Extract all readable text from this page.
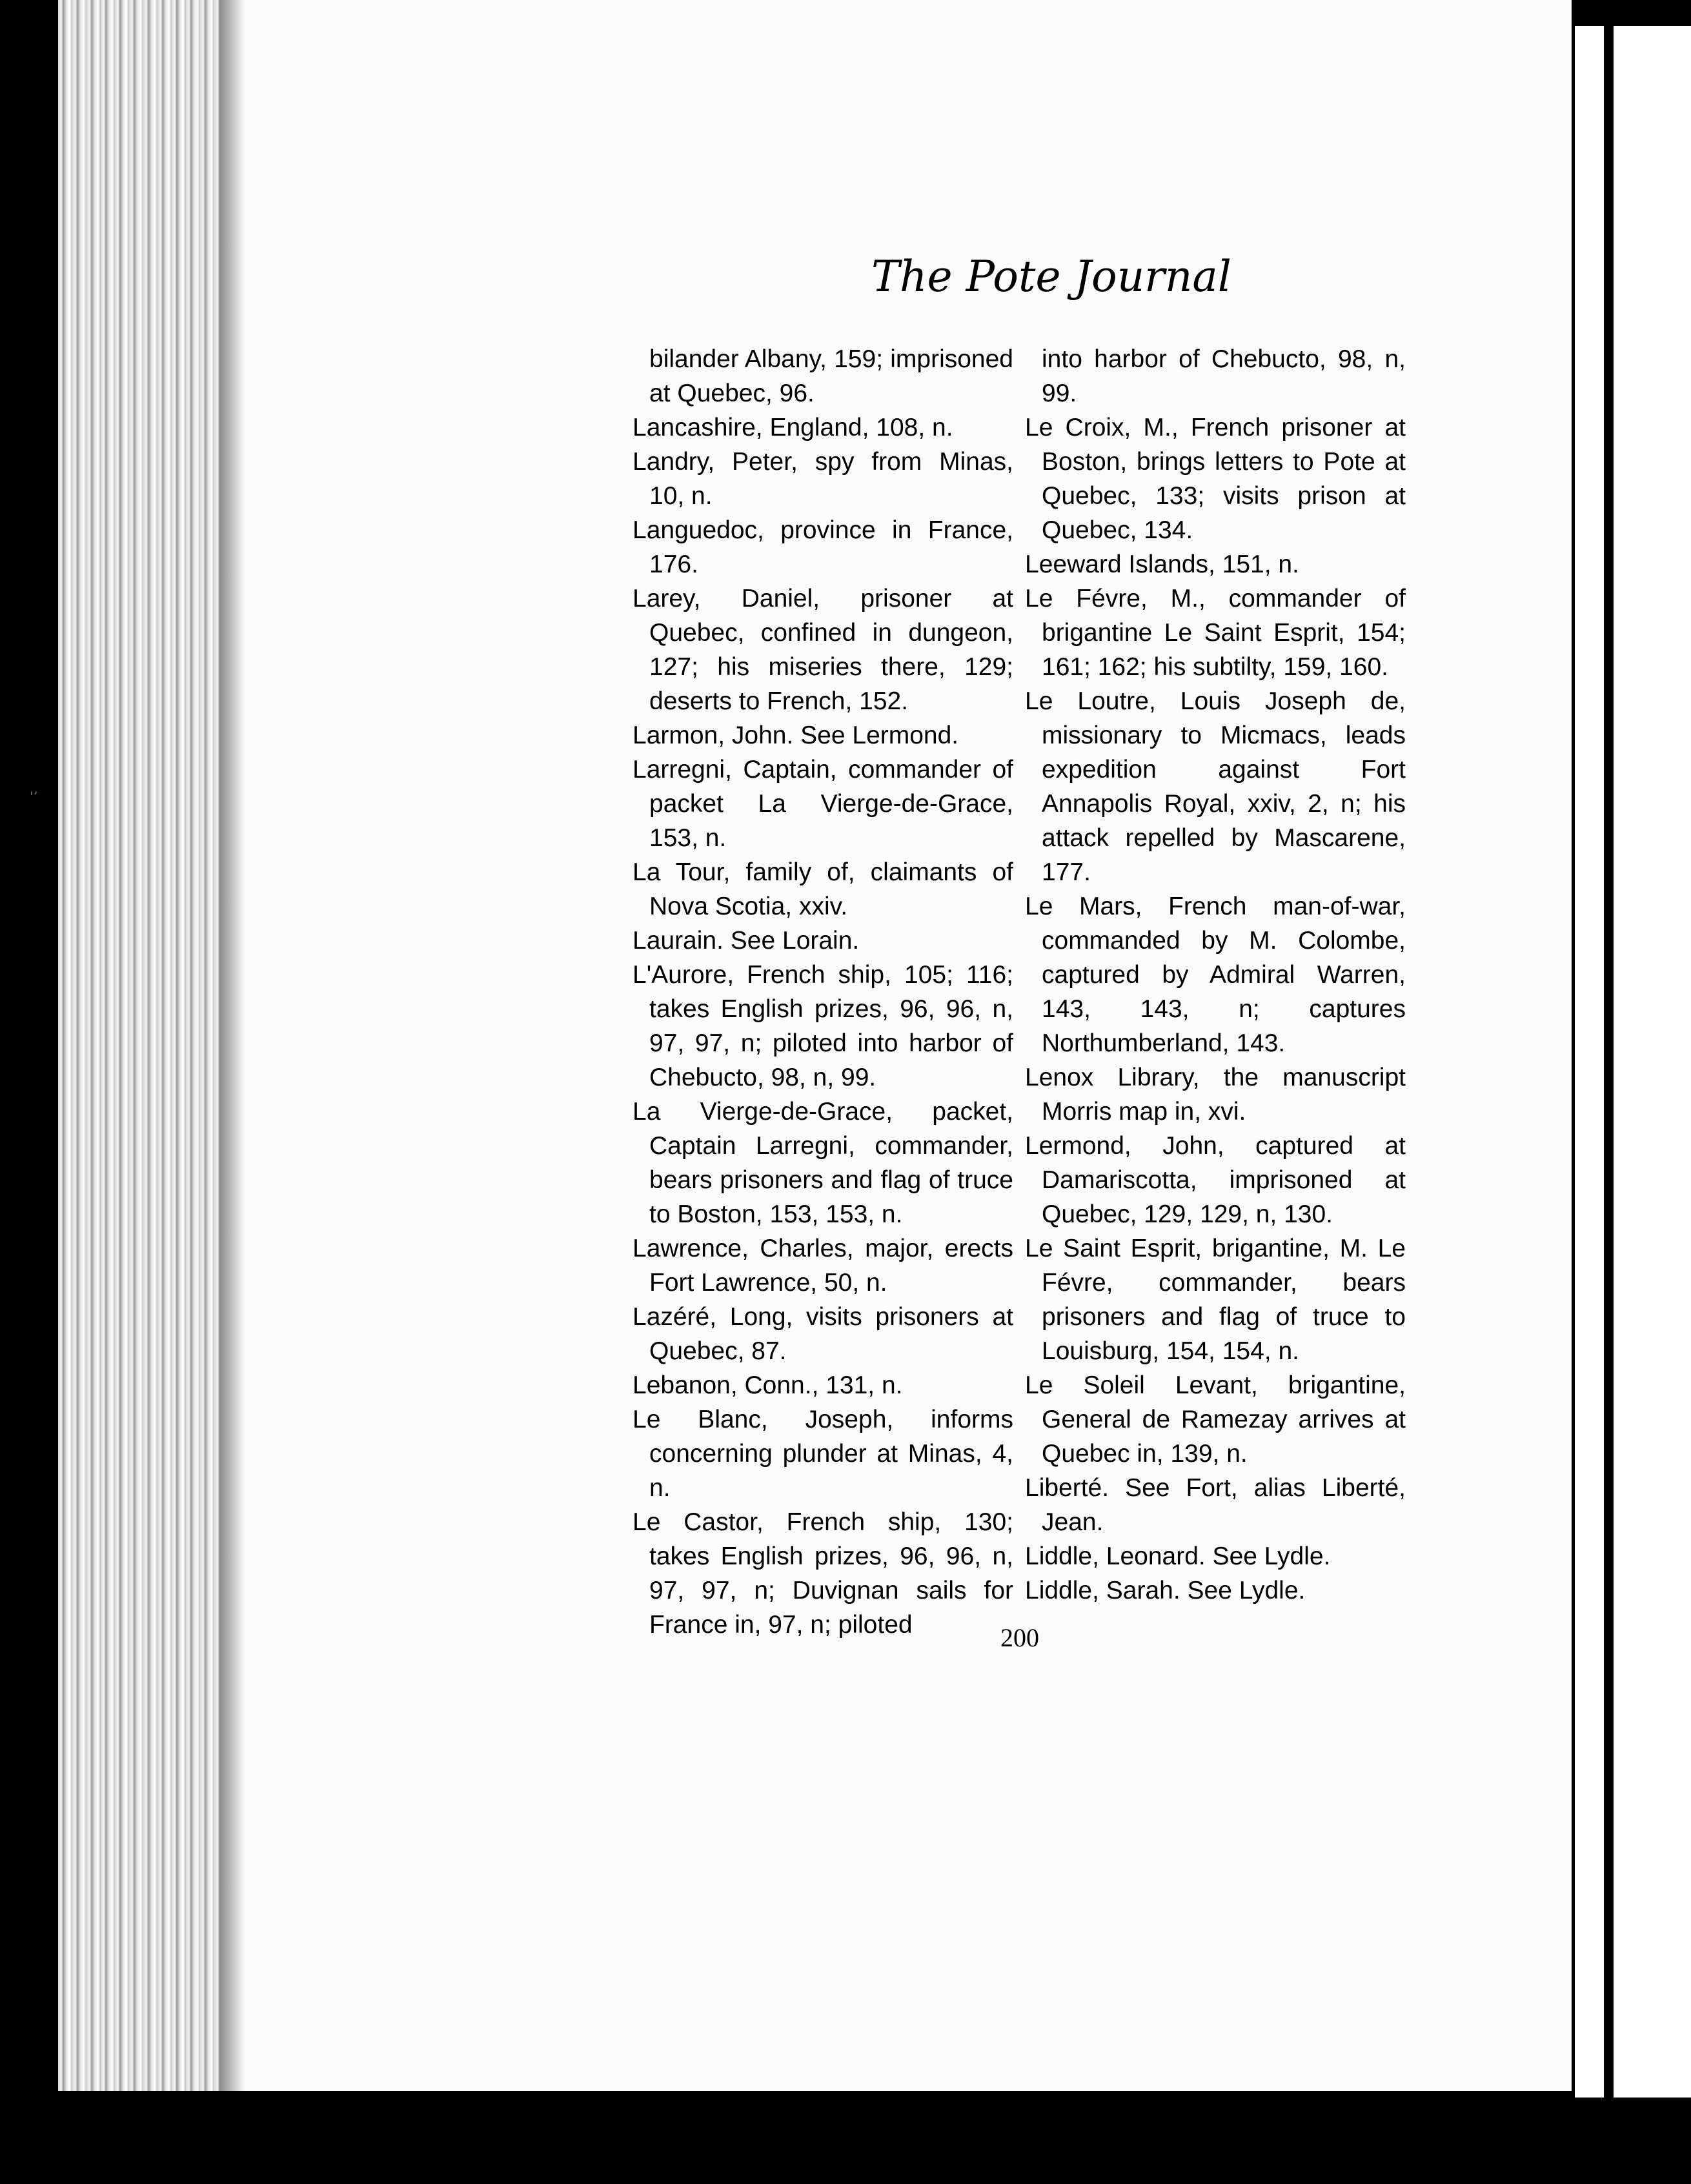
The Pote Journal
bilander Albany, 159; imprisoned at Quebec, 96.
Lancashire, England, 108, n.
Landry, Peter, spy from Minas, 10, n.
Languedoc, province in France, 176.
Larey, Daniel, prisoner at Quebec, confined in dungeon, 127; his miseries there, 129; deserts to French, 152.
Larmon, John. See Lermond.
Larregni, Captain, commander of packet La Vierge-de-Grace, 153, n.
La Tour, family of, claimants of Nova Scotia, xxiv.
Laurain. See Lorain.
L'Aurore, French ship, 105; 116; takes English prizes, 96, 96, n, 97, 97, n; piloted into harbor of Chebucto, 98, n, 99.
La Vierge-de-Grace, packet, Captain Larregni, commander, bears prisoners and flag of truce to Boston, 153, 153, n.
Lawrence, Charles, major, erects Fort Lawrence, 50, n.
Lazéré, Long, visits prisoners at Quebec, 87.
Lebanon, Conn., 131, n.
Le Blanc, Joseph, informs concerning plunder at Minas, 4, n.
Le Castor, French ship, 130; takes English prizes, 96, 96, n, 97, 97, n; Duvignan sails for France in, 97, n; piloted
into harbor of Chebucto, 98, n, 99.
Le Croix, M., French prisoner at Boston, brings letters to Pote at Quebec, 133; visits prison at Quebec, 134.
Leeward Islands, 151, n.
Le Févre, M., commander of brigantine Le Saint Esprit, 154; 161; 162; his subtilty, 159, 160.
Le Loutre, Louis Joseph de, missionary to Micmacs, leads expedition against Fort Annapolis Royal, xxiv, 2, n; his attack repelled by Mascarene, 177.
Le Mars, French man-of-war, commanded by M. Colombe, captured by Admiral Warren, 143, 143, n; captures Northumberland, 143.
Lenox Library, the manuscript Morris map in, xvi.
Lermond, John, captured at Damariscotta, imprisoned at Quebec, 129, 129, n, 130.
Le Saint Esprit, brigantine, M. Le Févre, commander, bears prisoners and flag of truce to Louisburg, 154, 154, n.
Le Soleil Levant, brigantine, General de Ramezay arrives at Quebec in, 139, n.
Liberté. See Fort, alias Liberté, Jean.
Liddle, Leonard. See Lydle.
Liddle, Sarah. See Lydle.
200
'ʼ
